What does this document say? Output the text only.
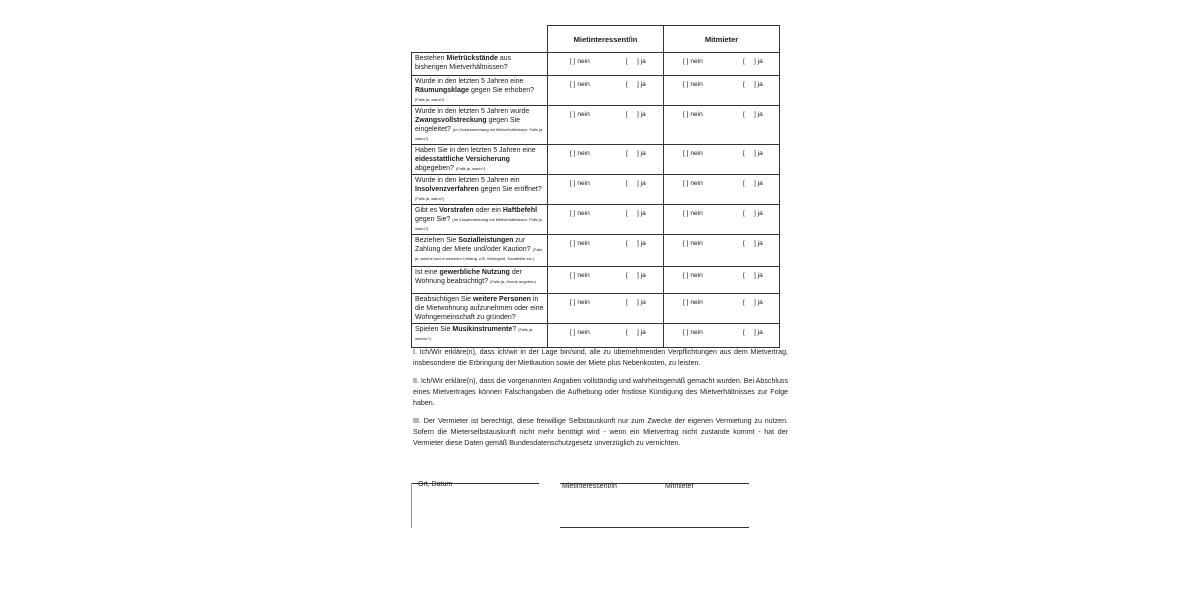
	Mietinteressent/in	Mitmieter
Bestehen Mietrückstände aus bisherigen Mietverhältnissen?	[ ] nein [     ] ja	[ ] nein [     ] ja

Wurde in den letzten 5 Jahren eine Räumungsklage gegen Sie erhoben? (Falls ja, wann?)	[ ] nein [     ] ja	[ ] nein [     ] ja

Wurde in den letzten 5 Jahren wurde Zwangsvollstreckung gegen Sie eingeleitet? (Im Zusammenhang mit Mietverhältnissen. Falls ja, wann?)	[ ] nein [     ] ja	[ ] nein [     ] ja

Haben Sie in den letzten 5 Jahren eine eidesstattliche Versicherung abgegeben? (Falls ja, wann?)	[ ] nein [     ] ja	[ ] nein [     ] ja

Wurde in den letzten 5 Jahren ein Insolvenzverfahren gegen Sie eröffnet? (Falls ja, wann?)	[ ] nein [     ] ja	[ ] nein [     ] ja

Gibt es Vorstrafen oder ein Haftbefehl gegen Sie? (Im Zusammenhang mit Mietverhältnissen. Falls ja, wann?)	[ ] nein [     ] ja	[ ] nein [     ] ja

Beziehen Sie Sozialleistungen zur Zahlung der Miete und/oder Kaution? (Falls ja, welche und in welchem Umfang, z.B. Wohngeld, Sozialhilfe etc.)	[ ] nein [     ] ja	[ ] nein [     ] ja

Ist eine gewerbliche Nutzung der Wohnung beabsichtigt? (Falls ja, Zweck angeben)	[ ] nein [     ] ja	[ ] nein [     ] ja

Beabsichtigen Sie weitere Personen in die Mietwohnung aufzunehmen oder eine Wohngemeinschaft zu gründen?	[ ] nein [     ] ja	[ ] nein [     ] ja

Spielen Sie Musikinstrumente? (Falls ja: welche?)	[ ] nein [     ] ja	[ ] nein [     ] ja
I. Ich/Wir erkläre(n), dass ich/wir in der Lage bin/sind, alle zu übernehmenden Verpflichtungen aus dem Mietvertrag, insbesondere die Erbringung der Mietkaution sowie der Miete plus Nebenkosten, zu leisten.
II. Ich/Wir erkläre(n), dass die vorgenannten Angaben vollständig und wahrheitsgemäß gemacht wurden. Bei Abschluss eines Mietvertrages können Falschangaben die Aufhebung oder fristlose Kündigung des Mietverhältnisses zur Folge haben.
III. Der Vermieter ist berechtigt, diese freiwillige Selbstauskunft nur zum Zwecke der eigenen Vermietung zu nutzen. Sofern die Mieterselbstauskunft nicht mehr benötigt wird - wenn ein Mietvertrag nicht zustande kommt - hat der Vermieter diese Daten gemäß Bundesdatenschutzgesetz unverzüglich zu vernichten.
Ort, Datum	Mietinteressent/in	Mitmieter
